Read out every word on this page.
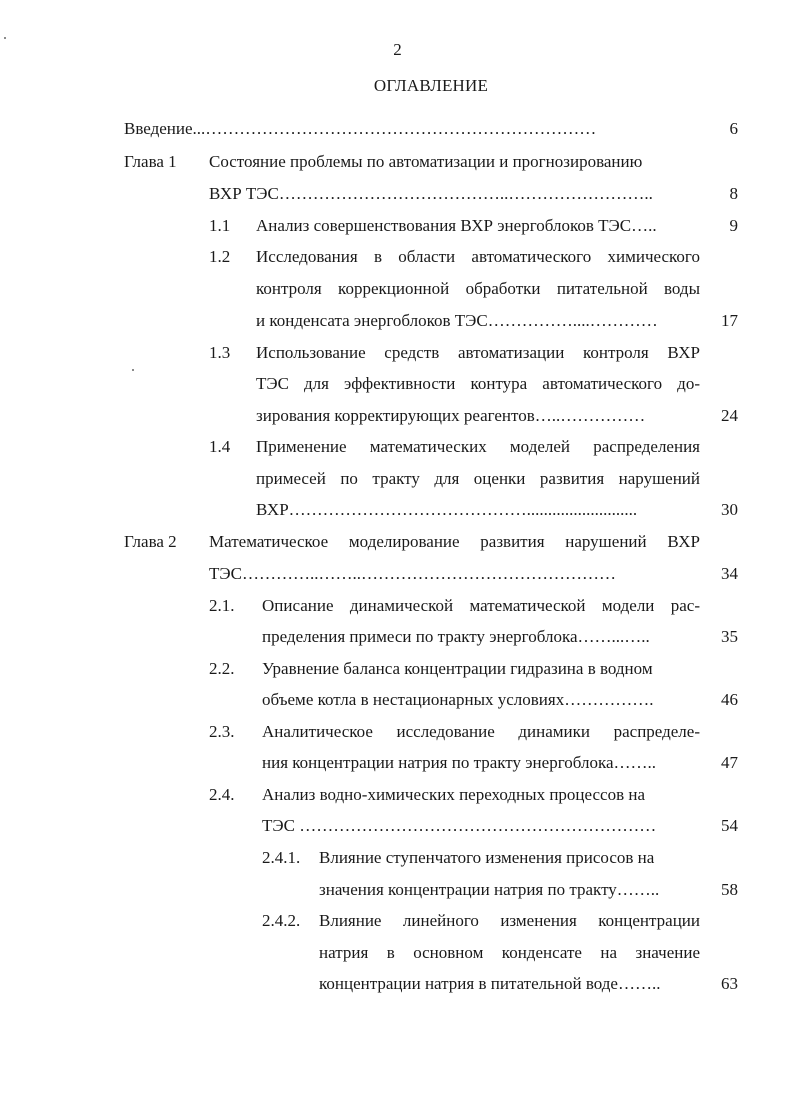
2
ОГЛАВЛЕНИЕ
Введение...……………………………………………………………	6
Глава 1 Состояние проблемы по автоматизации и прогнозированию
ВХР ТЭС…………………………………..……………………..	8
1.1 Анализ совершенствования ВХР энергоблоков ТЭС…..	9
1.2 Исследования в области автоматического химического
контроля коррекционной обработки питательной воды
и конденсата энергоблоков ТЭС……………....…………	17
1.3 Использование средств автоматизации контроля ВХР
ТЭС для эффективности контура автоматического до-
зирования корректирующих реагентов…..……………	24
1.4 Применение математических моделей распределения
примесей по тракту для оценки развития нарушений
ВХР……………………………………..........................	30
Глава 2 Математическое моделирование развития нарушений ВХР
ТЭС…………..……..………………………………………	34
2.1. Описание динамической математической модели рас-
пределения примеси по тракту энергоблока……...…..	35
2.2. Уравнение баланса концентрации гидразина в водном
объеме котла в нестационарных условиях…………….	46
2.3. Аналитическое исследование динамики распределе-
ния концентрации натрия по тракту энергоблока……..	47
2.4. Анализ водно-химических переходных процессов на
ТЭС ………………………………………………………	54
2.4.1. Влияние ступенчатого изменения присосов на
значения концентрации натрия по тракту……..	58
2.4.2. Влияние линейного изменения концентрации
натрия в основном конденсате на значение
концентрации натрия в питательной воде……..	63
